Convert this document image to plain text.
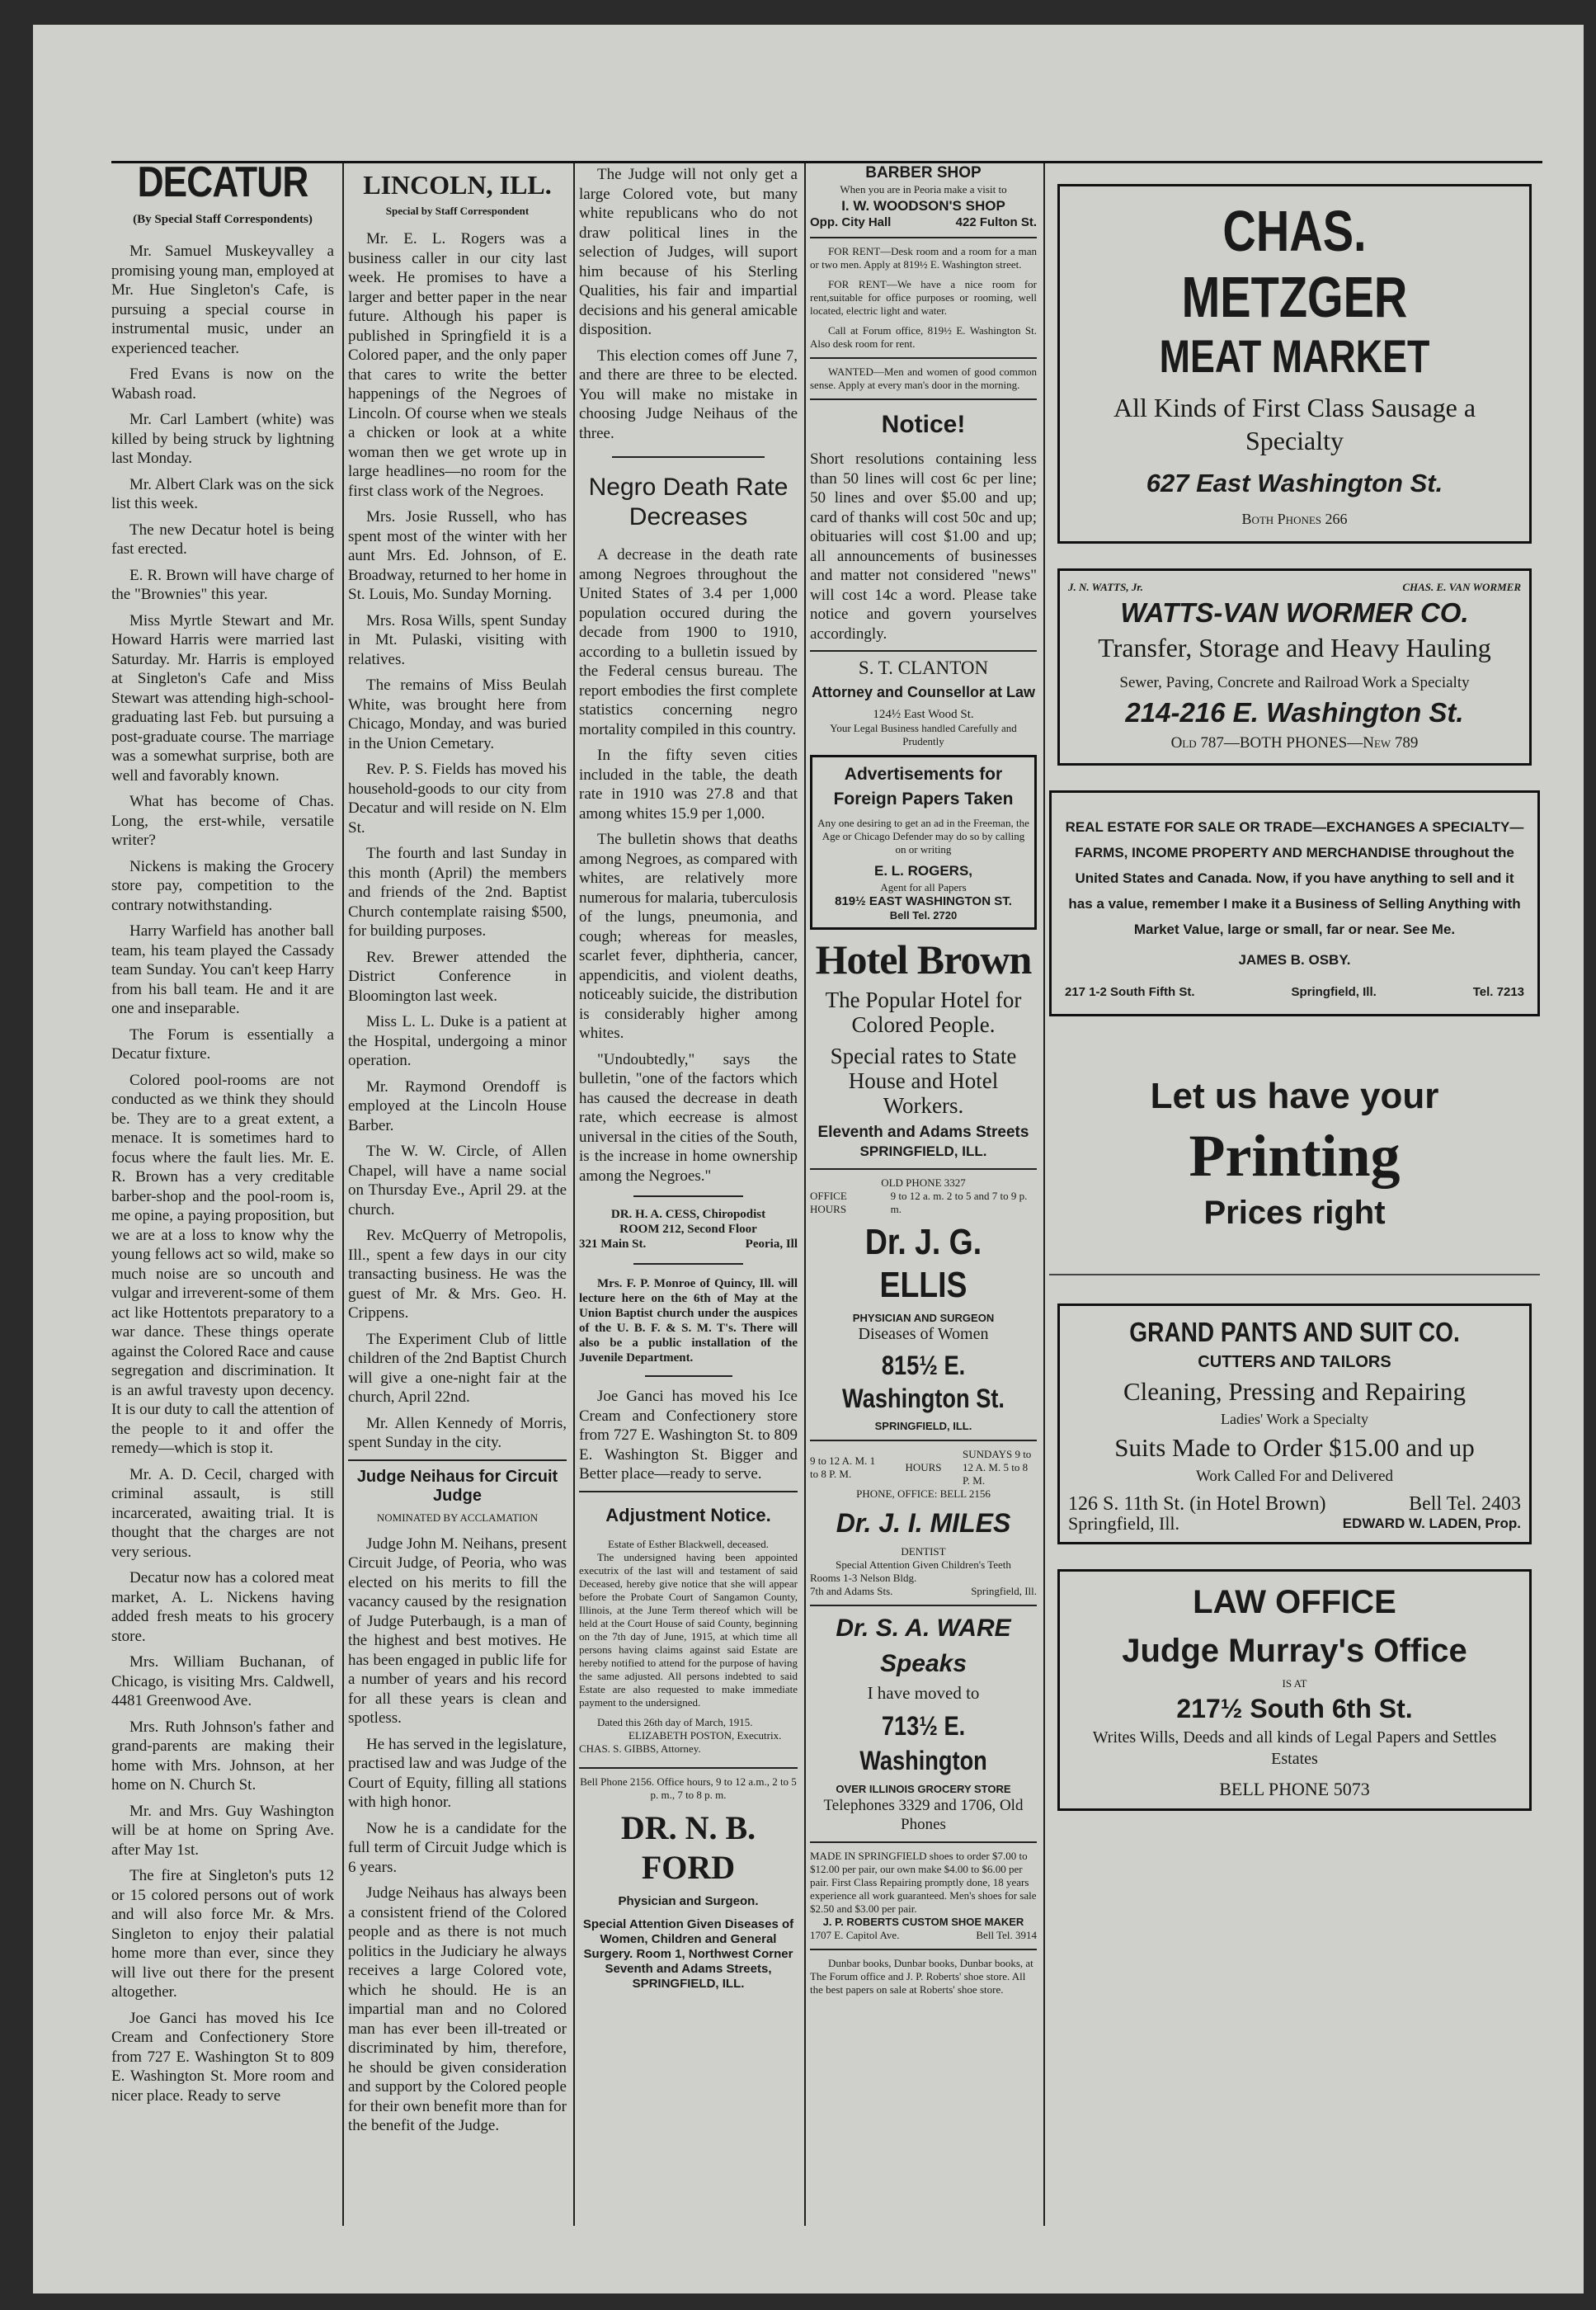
DECATUR
(By Special Staff Correspondents)

Mr. Samuel Muskeyvalley a promising young man, employed at Mr. Hue Singleton's Cafe, is pursuing a special course in instrumental music, under an experienced teacher.

Fred Evans is now on the Wabash road.

Mr. Carl Lambert (white) was killed by being struck by lightning last Monday.

Mr. Albert Clark was on the sick list this week.

The new Decatur hotel is being fast erected.

E. R. Brown will have charge of the "Brownies" this year.

Miss Myrtle Stewart and Mr. Howard Harris were married last Saturday. Mr. Harris is employed at Singleton's Cafe and Miss Stewart was attending high-school-graduating last Feb. but pursuing a post-graduate course. The marriage was a somewhat surprise, both are well and favorably known.

What has become of Chas. Long, the erst-while, versatile writer?

Nickens is making the Grocery store pay, competition to the contrary notwithstanding.

Harry Warfield has another ball team, his team played the Cassady team Sunday. You can't keep Harry from his ball team. He and it are one and inseparable.

The Forum is essentially a Decatur fixture.

Colored pool-rooms are not conducted as we think they should be. They are to a great extent, a menace. It is sometimes hard to focus where the fault lies. Mr. E. R. Brown has a very creditable barber-shop and the pool-room is, me opine, a paying proposition, but we are at a loss to know why the young fellows act so wild, make so much noise are so uncouth and vulgar and irreverent-some of them act like Hottentots preparatory to a war dance. These things operate against the Colored Race and cause segregation and discrimination. It is an awful travesty upon decency. It is our duty to call the attention of the people to it and offer the remedy—which is stop it.

Mr. A. D. Cecil, charged with criminal assault, is still incarcerated, awaiting trial. It is thought that the charges are not very serious.

Decatur now has a colored meat market, A. L. Nickens having added fresh meats to his grocery store.

Mrs. William Buchanan, of Chicago, is visiting Mrs. Caldwell, 4481 Greenwood Ave.

Mrs. Ruth Johnson's father and grand-parents are making their home with Mrs. Johnson, at her home on N. Church St.

Mr. and Mrs. Guy Washington will be at home on Spring Ave. after May 1st.

The fire at Singleton's puts 12 or 15 colored persons out of work and will also force Mr. & Mrs. Singleton to enjoy their palatial home more than ever, since they will live out there for the present altogether.

Joe Ganci has moved his Ice Cream and Confectionery Store from 727 E. Washington St to 809 E. Washington St. More room and nicer place. Ready to serve

LINCOLN, ILL.
Special by Staff Correspondent

Mr. E. L. Rogers was a business caller in our city last week. He promises to have a larger and better paper in the near future. Although his paper is published in Springfield it is a Colored paper, and the only paper that cares to write the better happenings of the Negroes of Lincoln. Of course when we steals a chicken or look at a white woman then we get wrote up in large headlines—no room for the first class work of the Negroes.

Mrs. Josie Russell, who has spent most of the winter with her aunt Mrs. Ed. Johnson, of E. Broadway, returned to her home in St. Louis, Mo. Sunday Morning.

Mrs. Rosa Wills, spent Sunday in Mt. Pulaski, visiting with relatives.

The remains of Miss Beulah White, was brought here from Chicago, Monday, and was buried in the Union Cemetary.

Rev. P. S. Fields has moved his household-goods to our city from Decatur and will reside on N. Elm St.

The fourth and last Sunday in this month (April) the members and friends of the 2nd. Baptist Church contemplate raising $500, for building purposes.

Rev. Brewer attended the District Conference in Bloomington last week.

Miss L. L. Duke is a patient at the Hospital, undergoing a minor operation.

Mr. Raymond Orendoff is employed at the Lincoln House Barber.

The W. W. Circle, of Allen Chapel, will have a name social on Thursday Eve., April 29. at the church.

Rev. McQuerry of Metropolis, Ill., spent a few days in our city transacting business. He was the guest of Mr. & Mrs. Geo. H. Crippens.

The Experiment Club of little children of the 2nd Baptist Church will give a one-night fair at the church, April 22nd.

Mr. Allen Kennedy of Morris, spent Sunday in the city.

Judge Neihaus for Circuit Judge
NOMINATED BY ACCLAMATION

Judge John M. Neihans, present Circuit Judge, of Peoria, who was elected on his merits to fill the vacancy caused by the resignation of Judge Puterbaugh, is a man of the highest and best motives. He has been engaged in public life for a number of years and his record for all these years is clean and spotless.

He has served in the legislature, practised law and was Judge of the Court of Equity, filling all stations with high honor.

Now he is a candidate for the full term of Circuit Judge which is 6 years.

Judge Neihaus has always been a consistent friend of the Colored people and as there is not much politics in the Judiciary he always receives a large Colored vote, which he should. He is an impartial man and no Colored man has ever been ill-treated or discriminated by him, therefore, he should be given consideration and support by the Colored people for their own benefit more than for the benefit of the Judge.

The Judge will not only get a large Colored vote, but many white republicans who do not draw political lines in the selection of Judges, will suport him because of his Sterling Qualities, his fair and impartial decisions and his general amicable disposition.

This election comes off June 7, and there are three to be elected. You will make no mistake in choosing Judge Neihaus of the three.

Negro Death Rate Decreases

A decrease in the death rate among Negroes throughout the United States of 3.4 per 1,000 population occured during the decade from 1900 to 1910, according to a bulletin issued by the Federal census bureau. The report embodies the first complete statistics concerning negro mortality compiled in this country.

In the fifty seven cities included in the table, the death rate in 1910 was 27.8 and that among whites 15.9 per 1,000.

The bulletin shows that deaths among Negroes, as compared with whites, are relatively more numerous for malaria, tuberculosis of the lungs, pneumonia, and cough; whereas for measles, scarlet fever, diphtheria, cancer, appendicitis, and violent deaths, noticeably suicide, the distribution is considerably higher among whites.

"Undoubtedly," says the bulletin, "one of the factors which has caused the decrease in death rate, which eecrease is almost universal in the cities of the South, is the increase in home ownership among the Negroes."

DR. H. A. CESS, Chiropodist
ROOM 212, Second Floor
321 Main St.	Peoria, Ill

Mrs. F. P. Monroe of Quincy, Ill. will lecture here on the 6th of May at the Union Baptist church under the auspices of the U. B. F. & S. M. T's. There will also be a public installation of the Juvenile Department.

Joe Ganci has moved his Ice Cream and Confectionery store from 727 E. Washington St. to 809 E. Washington St. Bigger and Better place—ready to serve.

Adjustment Notice.
Estate of Esther Blackwell, deceased.

The undersigned having been appointed executrix of the last will and testament of said Deceased, hereby give notice that she will appear before the Probate Court of Sangamon County, Illinois, at the June Term thereof which will be held at the Court House of said County, beginning on the 7th day of June, 1915, at which time all persons having claims against said Estate are hereby notified to attend for the purpose of having the same adjusted. All persons indebted to said Estate are also requested to make immediate payment to the undersigned.

Dated this 26th day of March, 1915.
ELIZABETH POSTON, Executrix.
CHAS. S. GIBBS, Attorney.
Bell Phone 2156. Office hours, 9 to 12 a.m., 2 to 5 p. m., 7 to 8 p. m.
DR. N. B. FORD
Physician and Surgeon.
Special Attention Given Diseases of Women, Children and General Surgery. Room 1, Northwest Corner Seventh and Adams Streets,
SPRINGFIELD, ILL.
BARBER SHOP
When you are in Peoria make a visit to
I. W. WOODSON'S SHOP
Opp. City Hall	422 Fulton St.

FOR RENT—Desk room and a room for a man or two men. Apply at 819½ E. Washington street.

FOR RENT—We have a nice room for rent,suitable for office purposes or rooming, well located, electric light and water.

Call at Forum office, 819½ E. Washington St. Also desk room for rent.

WANTED—Men and women of good common sense. Apply at every man's door in the morning.

Notice!

Short resolutions containing less than 50 lines will cost 6c per line; 50 lines and over $5.00 and up; card of thanks will cost 50c and up; obituaries will cost $1.00 and up; all announcements of businesses and matter not considered "news" will cost 14c a word. Please take notice and govern yourselves accordingly.

S. T. CLANTON
Attorney and Counsellor at Law
124½ East Wood St.
Your Legal Business handled Carefully and Prudently
Advertisements for Foreign Papers Taken
Any one desiring to get an ad in the Freeman, the Age or Chicago Defender may do so by calling on or writing
E. L. ROGERS,
Agent for all Papers
819½ EAST WASHINGTON ST.
Bell Tel. 2720
Hotel Brown
The Popular Hotel for Colored People.
Special rates to State House and Hotel Workers.
Eleventh and Adams Streets
SPRINGFIELD, ILL.
OLD PHONE 3327
OFFICE HOURS
9 to 12 a. m. 2 to 5 and 7 to 9 p. m.
Dr. J. G. ELLIS
PHYSICIAN AND SURGEON
Diseases of Women
815½ E. Washington St.
SPRINGFIELD, ILL.
9 to 12 A. M. 1 to 8 P. M.
HOURS
SUNDAYS 9 to 12 A. M. 5 to 8 P. M.
PHONE, OFFICE: BELL 2156
Dr. J. I. MILES
DENTIST
Special Attention Given Children's Teeth
Rooms 1-3 Nelson Bldg.
7th and Adams Sts.	Springfield, Ill.
Dr. S. A. WARE
Speaks
I have moved to
713½ E. Washington
OVER ILLINOIS GROCERY STORE
Telephones 3329 and 1706, Old Phones
MADE IN SPRINGFIELD shoes to order $7.00 to $12.00 per pair, our own make $4.00 to $6.00 per pair. First Class Repairing promptly done, 18 years experience all work guaranteed. Men's shoes for sale $2.50 and $3.00 per pair.
J. P. ROBERTS CUSTOM SHOE MAKER
1707 E. Capitol Ave.	Bell Tel. 3914
Dunbar books, Dunbar books, Dunbar books, at The Forum office and J. P. Roberts' shoe store. All the best papers on sale at Roberts' shoe store.
CHAS. METZGER
MEAT MARKET
All Kinds of First Class Sausage a Specialty
627 East Washington St.
Both Phones 266
J. N. WATTS, Jr.	CHAS. E. VAN WORMER
WATTS-VAN WORMER CO.
Transfer, Storage and Heavy Hauling
Sewer, Paving, Concrete and Railroad Work a Specialty
214-216 E. Washington St.
Old 787—BOTH PHONES—New 789
REAL ESTATE FOR SALE OR TRADE—EXCHANGES A SPECIALTY—FARMS, INCOME PROPERTY AND MERCHANDISE throughout the United States and Canada. Now, if you have anything to sell and it has a value, remember I make it a Business of Selling Anything with Market Value, large or small, far or near. See Me.
JAMES B. OSBY.
217 1-2 South Fifth St.	Springfield, Ill.	Tel. 7213
Let us have your
Printing
Prices right
GRAND PANTS AND SUIT CO.
CUTTERS AND TAILORS
Cleaning, Pressing and Repairing
Ladies' Work a Specialty
Suits Made to Order $15.00 and up
Work Called For and Delivered
126 S. 11th St. (in Hotel Brown)	Bell Tel. 2403
Springfield, Ill.	EDWARD W. LADEN, Prop.
LAW OFFICE
Judge Murray's Office
IS AT
217½ South 6th St.
Writes Wills, Deeds and all kinds of Legal Papers and Settles Estates
BELL PHONE 5073
